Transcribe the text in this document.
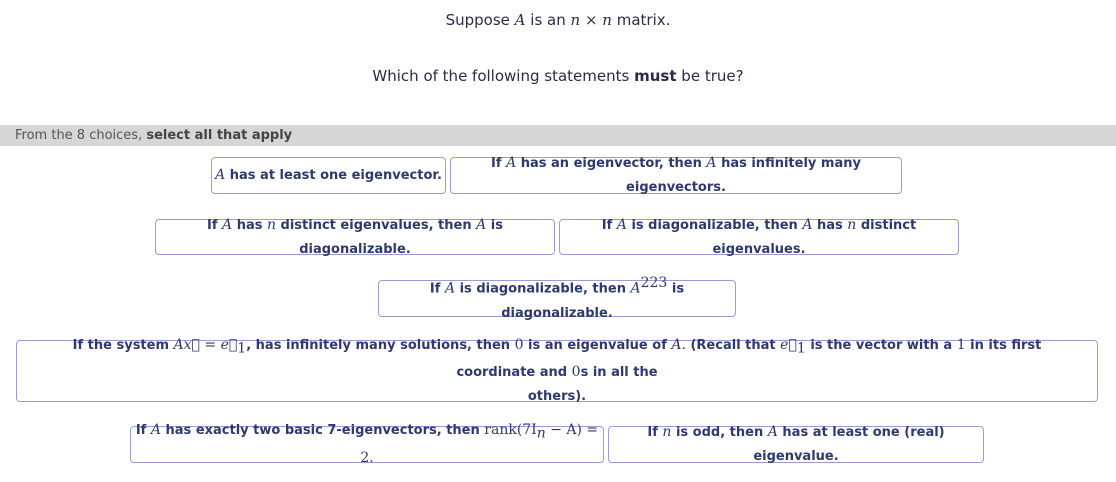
Suppose A is an n × n matrix.
Which of the following statements must be true?
From the 8 choices, select all that apply
A has at least one eigenvector.
If A has an eigenvector, then A has infinitely many eigenvectors.
If A has n distinct eigenvalues, then A is diagonalizable.
If A is diagonalizable, then A has n distinct eigenvalues.
If A is diagonalizable, then $A^{223}$ is diagonalizable.
If the system Ax⃗ = $e⃗_1$, has infinitely many solutions, then 0 is an eigenvalue of A. (Recall that $e⃗_1$ is the vector with a 1 in its first coordinate and 0s in all the
others).
If A has exactly two basic 7-eigenvectors, then $rank(7I_n - A) = 2$.
If n is odd, then A has at least one (real) eigenvalue.
